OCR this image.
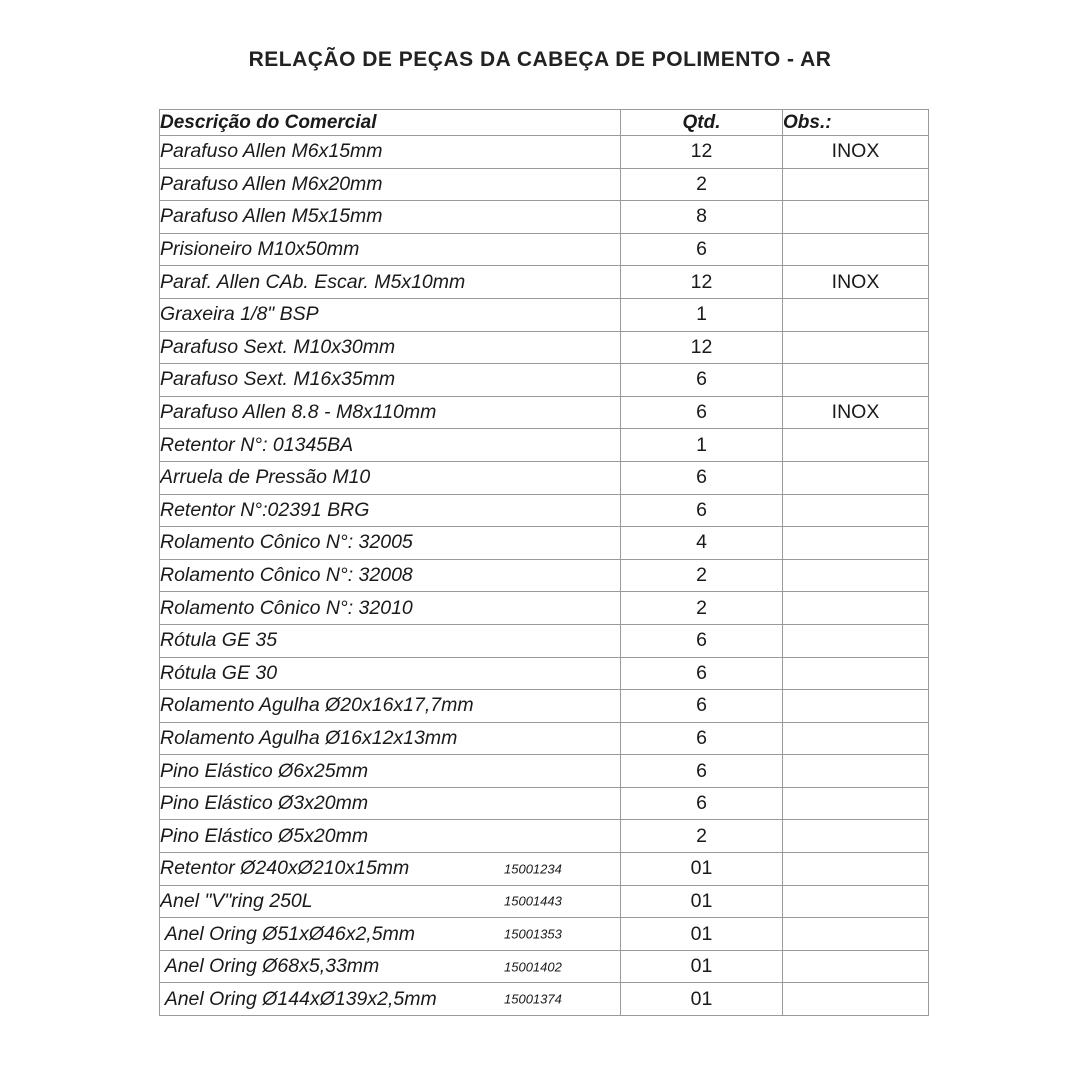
RELAÇÃO DE PEÇAS DA CABEÇA DE POLIMENTO - AR
Descrição do Comercial	Qtd.	Obs.:
Parafuso Allen M6x15mm	12	INOX
Parafuso Allen M6x20mm	2	
Parafuso Allen M5x15mm	8	
Prisioneiro M10x50mm	6	
Paraf. Allen CAb. Escar. M5x10mm	12	INOX
Graxeira 1/8" BSP	1	
Parafuso Sext. M10x30mm	12	
Parafuso Sext. M16x35mm	6	
Parafuso Allen 8.8 - M8x110mm	6	INOX
Retentor N°: 01345BA	1	
Arruela de Pressão M10	6	
Retentor N°:02391 BRG	6	
Rolamento Cônico N°: 32005	4	
Rolamento Cônico N°: 32008	2	
Rolamento Cônico N°: 32010	2	
Rótula GE 35	6	
Rótula GE 30	6	
Rolamento Agulha Ø20x16x17,7mm	6	
Rolamento Agulha Ø16x12x13mm	6	
Pino Elástico Ø6x25mm	6	
Pino Elástico Ø3x20mm	6	
Pino Elástico Ø5x20mm	2	
Retentor Ø240xØ210x15mm 15001234	01	
Anel "V"ring 250L 15001443	01	
Anel Oring Ø51xØ46x2,5mm 15001353	01	
Anel Oring Ø68x5,33mm 15001402	01	
Anel Oring Ø144xØ139x2,5mm 15001374	01	
